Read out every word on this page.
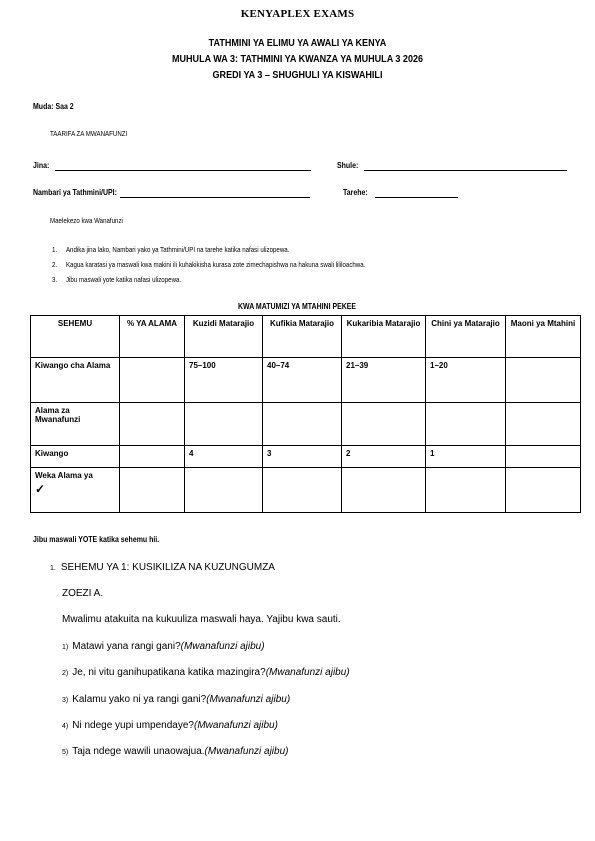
KENYAPLEX EXAMS
TATHMINI YA ELIMU YA AWALI YA KENYA
MUHULA WA 3: TATHMINI YA KWANZA YA MUHULA 3 2026
GREDI YA 3 – SHUGHULI YA KISWAHILI
Muda: Saa 2
TAARIFA ZA MWANAFUNZI
Jina:	Shule:
Nambari ya Tathmini/UPI:	Tarehe:
Maelekezo kwa Wanafunzi
1. Andika jina lako, Nambari yako ya Tathmini/UPI na tarehe katika nafasi ulizopewa.
2. Kagua karatasi ya maswali kwa makini ili kuhakikisha kurasa zote zimechapishwa na hakuna swali lililoachwa.
3. Jibu maswali yote katika nafasi ulizopewa.
KWA MATUMIZI YA MTAHINI PEKEE
SEHEMU	% YA ALAMA	Kuzidi Matarajio	Kufikia Matarajio	Kukaribia Matarajio	Chini ya Matarajio	Maoni ya Mtahini
Kiwango cha Alama		75–100	40–74	21–39	1–20	
Alama za Mwanafunzi						
Kiwango		4	3	2	1	
Weka Alama ya
✓						

Jibu maswali YOTE katika sehemu hii.
1. SEHEMU YA 1: KUSIKILIZA NA KUZUNGUMZA
ZOEZI A.
Mwalimu atakuita na kukuuliza maswali haya. Yajibu kwa sauti.
1) Matawi yana rangi gani?(Mwanafunzi ajibu)
2) Je, ni vitu ganihupatikana katika mazingira?(Mwanafunzi ajibu)
3) Kalamu yako ni ya rangi gani?(Mwanafunzi ajibu)
4) Ni ndege yupi umpendaye?(Mwanafunzi ajibu)
5) Taja ndege wawili unaowajua.(Mwanafunzi ajibu)
